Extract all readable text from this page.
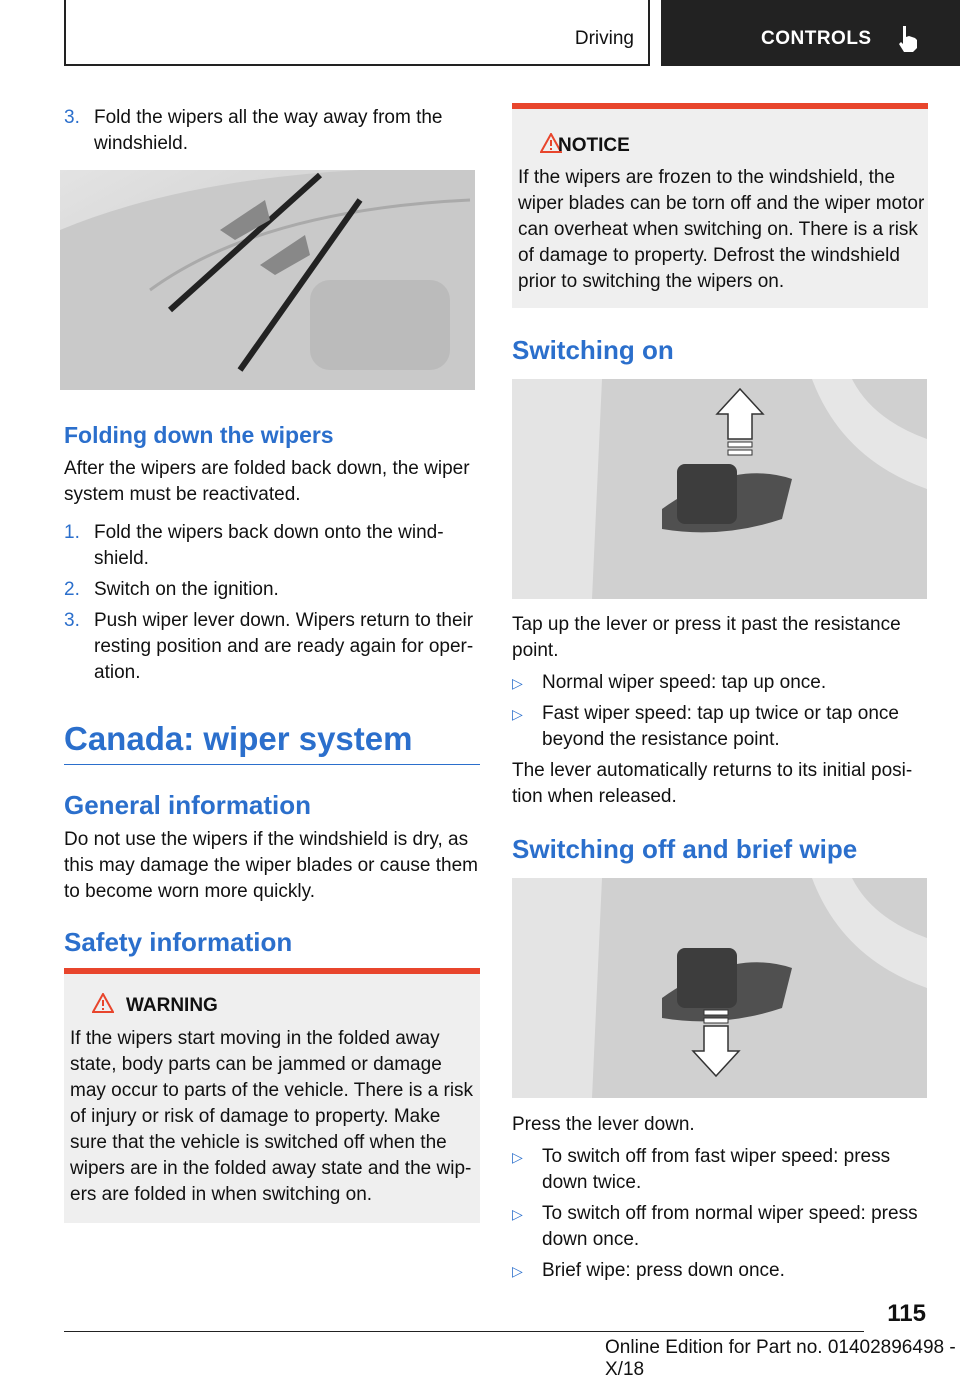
Driving	CONTROLS
3. Fold the wipers all the way away from the windshield.
Folding down the wipers
After the wipers are folded back down, the wiper system must be reactivated.
1. Fold the wipers back down onto the windshield.
2. Switch on the ignition.
3. Push wiper lever down. Wipers return to their resting position and are ready again for operation.
Canada: wiper system
General information
Do not use the wipers if the windshield is dry, as this may damage the wiper blades or cause them to become worn more quickly.
Safety information
WARNING
If the wipers start moving in the folded away state, body parts can be jammed or damage may occur to parts of the vehicle. There is a risk of injury or risk of damage to property. Make sure that the vehicle is switched off when the wipers are in the folded away state and the wipers are folded in when switching on.
NOTICE
If the wipers are frozen to the windshield, the wiper blades can be torn off and the wiper motor can overheat when switching on. There is a risk of damage to property. Defrost the windshield prior to switching the wipers on.
Switching on
Tap up the lever or press it past the resistance point.
▷ Normal wiper speed: tap up once.
▷ Fast wiper speed: tap up twice or tap once beyond the resistance point.
The lever automatically returns to its initial position when released.
Switching off and brief wipe
Press the lever down.
▷ To switch off from fast wiper speed: press down twice.
▷ To switch off from normal wiper speed: press down once.
▷ Brief wipe: press down once.
115
Online Edition for Part no. 01402896498 - X/18
